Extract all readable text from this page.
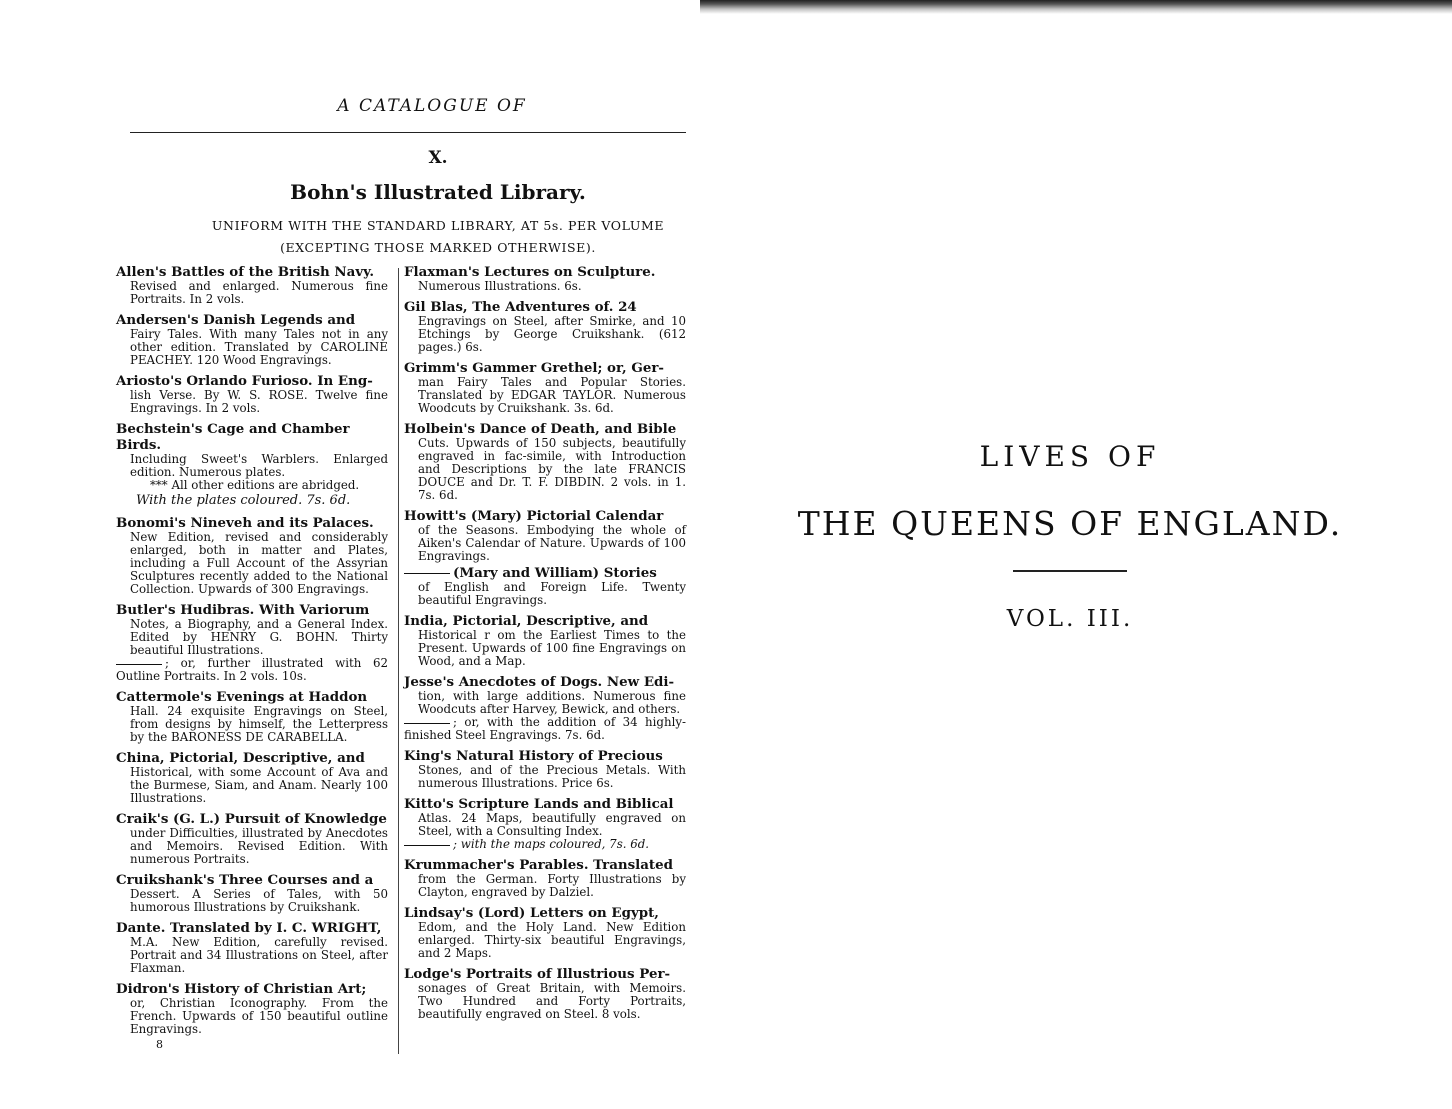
A CATALOGUE OF
X.
Bohn's Illustrated Library.
UNIFORM WITH THE STANDARD LIBRARY, AT 5s. PER VOLUME
(EXCEPTING THOSE MARKED OTHERWISE).
Allen's Battles of the British Navy.
Revised and enlarged. Numerous fine Portraits. In 2 vols.
Andersen's Danish Legends and
Fairy Tales. With many Tales not in any other edition. Translated by CAROLINE PEACHEY. 120 Wood Engravings.
Ariosto's Orlando Furioso. In Eng-
lish Verse. By W. S. ROSE. Twelve fine Engravings. In 2 vols.
Bechstein's Cage and Chamber Birds.
Including Sweet's Warblers. Enlarged edition. Numerous plates.
*** All other editions are abridged.
With the plates coloured. 7s. 6d.
Bonomi's Nineveh and its Palaces.
New Edition, revised and considerably enlarged, both in matter and Plates, including a Full Account of the Assyrian Sculptures recently added to the National Collection. Upwards of 300 Engravings.
Butler's Hudibras. With Variorum
Notes, a Biography, and a General Index. Edited by HENRY G. BOHN. Thirty beautiful Illustrations.
; or, further illustrated with 62 Outline Portraits. In 2 vols. 10s.
Cattermole's Evenings at Haddon
Hall. 24 exquisite Engravings on Steel, from designs by himself, the Letterpress by the BARONESS DE CARABELLA.
China, Pictorial, Descriptive, and
Historical, with some Account of Ava and the Burmese, Siam, and Anam. Nearly 100 Illustrations.
Craik's (G. L.) Pursuit of Knowledge
under Difficulties, illustrated by Anecdotes and Memoirs. Revised Edition. With numerous Portraits.
Cruikshank's Three Courses and a
Dessert. A Series of Tales, with 50 humorous Illustrations by Cruikshank.
Dante. Translated by I. C. WRIGHT,
M.A. New Edition, carefully revised. Portrait and 34 Illustrations on Steel, after Flaxman.
Didron's History of Christian Art;
or, Christian Iconography. From the French. Upwards of 150 beautiful outline Engravings.
8
Flaxman's Lectures on Sculpture.
Numerous Illustrations. 6s.
Gil Blas, The Adventures of. 24
Engravings on Steel, after Smirke, and 10 Etchings by George Cruikshank. (612 pages.) 6s.
Grimm's Gammer Grethel; or, Ger-
man Fairy Tales and Popular Stories. Translated by EDGAR TAYLOR. Numerous Woodcuts by Cruikshank. 3s. 6d.
Holbein's Dance of Death, and Bible
Cuts. Upwards of 150 subjects, beautifully engraved in fac-simile, with Introduction and Descriptions by the late FRANCIS DOUCE and Dr. T. F. DIBDIN. 2 vols. in 1. 7s. 6d.
Howitt's (Mary) Pictorial Calendar
of the Seasons. Embodying the whole of Aiken's Calendar of Nature. Upwards of 100 Engravings.
(Mary and William) Stories
of English and Foreign Life. Twenty beautiful Engravings.
India, Pictorial, Descriptive, and
Historical r om the Earliest Times to the Present. Upwards of 100 fine Engravings on Wood, and a Map.
Jesse's Anecdotes of Dogs. New Edi-
tion, with large additions. Numerous fine Woodcuts after Harvey, Bewick, and others.
; or, with the addition of 34 highly-finished Steel Engravings. 7s. 6d.
King's Natural History of Precious
Stones, and of the Precious Metals. With numerous Illustrations. Price 6s.
Kitto's Scripture Lands and Biblical
Atlas. 24 Maps, beautifully engraved on Steel, with a Consulting Index.
; with the maps coloured, 7s. 6d.
Krummacher's Parables. Translated
from the German. Forty Illustrations by Clayton, engraved by Dalziel.
Lindsay's (Lord) Letters on Egypt,
Edom, and the Holy Land. New Edition enlarged. Thirty-six beautiful Engravings, and 2 Maps.
Lodge's Portraits of Illustrious Per-
sonages of Great Britain, with Memoirs. Two Hundred and Forty Portraits, beautifully engraved on Steel. 8 vols.
LIVES OF
THE QUEENS OF ENGLAND.
VOL. III.
